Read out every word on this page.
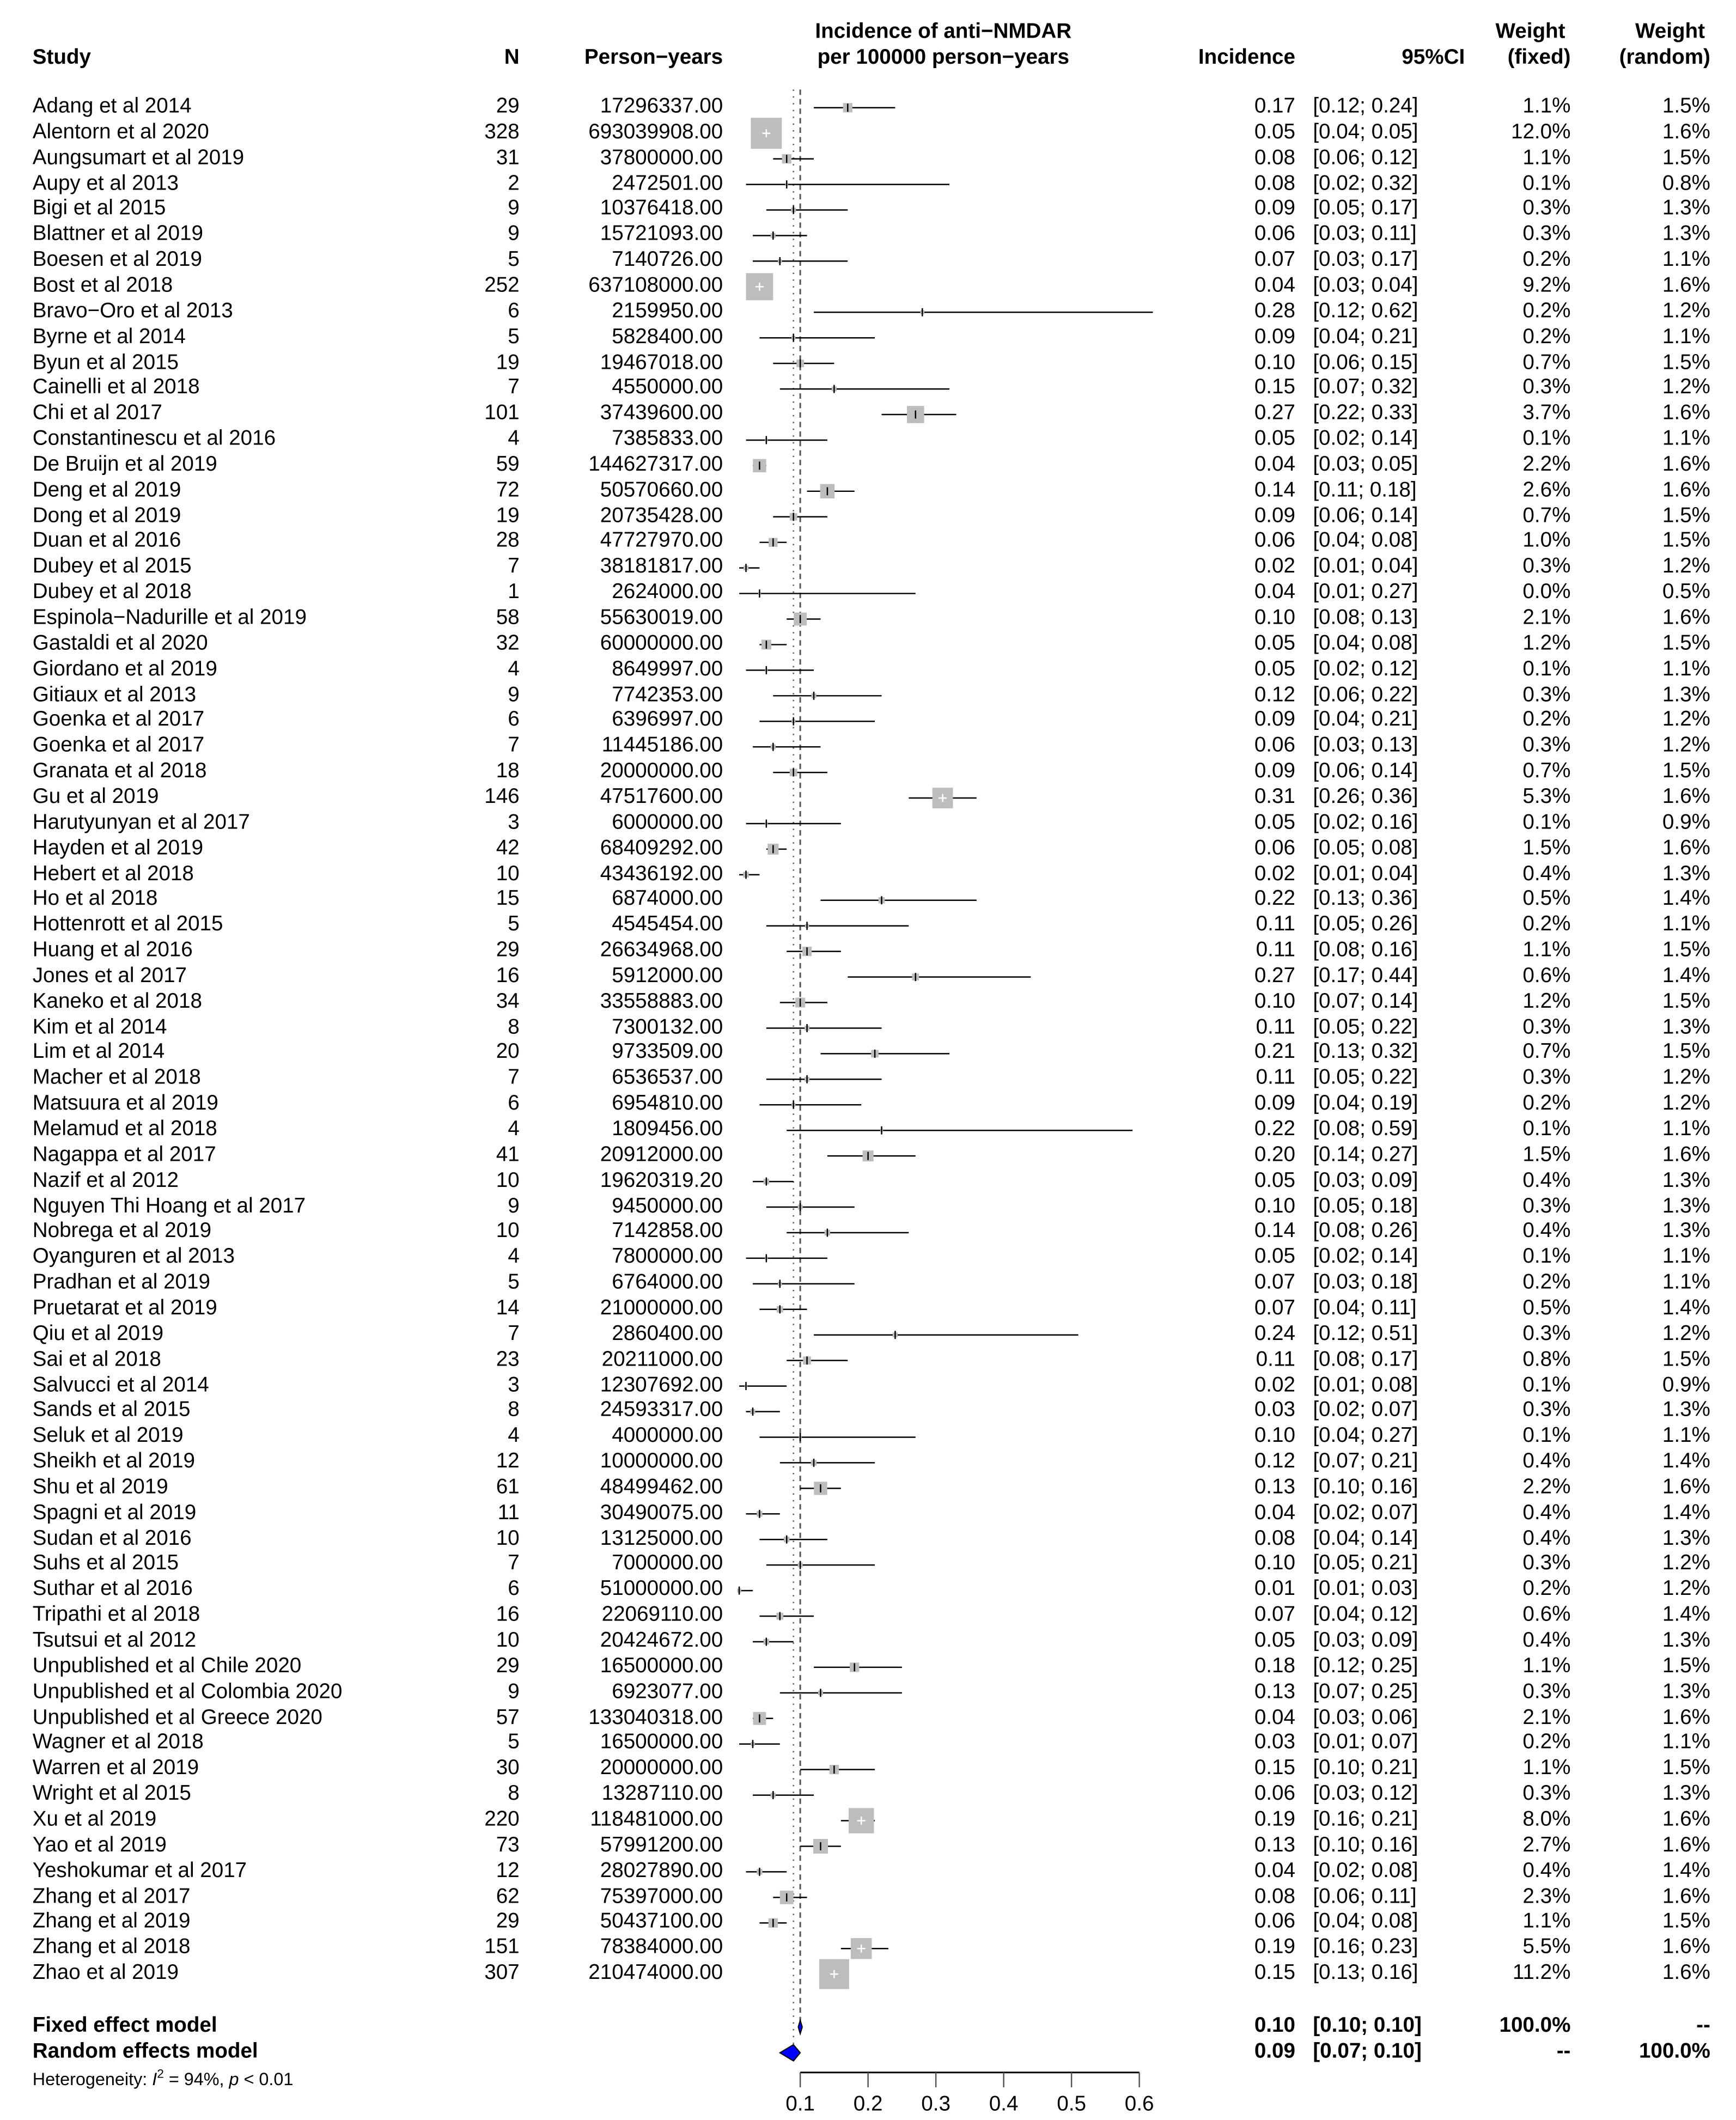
Study	N	Person−years
Incidence of anti−NMDAR
per 100000 person−years	Incidence	95%CI
Weight
(fixed)
Weight
(random)
Adang et al 2014	29	17296337.00	0.17 [0.12; 0.24]	1.1%	1.5%
Alentorn et al 2020	328	693039908.00	0.05 [0.04; 0.05]	12.0%	1.6%
Aungsumart et al 2019	31	37800000.00	0.08 [0.06; 0.12]	1.1%	1.5%
Aupy et al 2013	2	2472501.00	0.08 [0.02; 0.32]	0.1%	0.8%
Bigi et al 2015	9	10376418.00	0.09 [0.05; 0.17]	0.3%	1.3%
Blattner et al 2019	9	15721093.00	0.06 [0.03; 0.11]	0.3%	1.3%
Boesen et al 2019	5	7140726.00	0.07 [0.03; 0.17]	0.2%	1.1%
Bost et al 2018	252	637108000.00	0.04 [0.03; 0.04]	9.2%	1.6%
Bravo−Oro et al 2013	6	2159950.00	0.28 [0.12; 0.62]	0.2%	1.2%
Byrne et al 2014	5	5828400.00	0.09 [0.04; 0.21]	0.2%	1.1%
Byun et al 2015	19	19467018.00	0.10 [0.06; 0.15]	0.7%	1.5%
Cainelli et al 2018	7	4550000.00	0.15 [0.07; 0.32]	0.3%	1.2%
Chi et al 2017	101	37439600.00	0.27 [0.22; 0.33]	3.7%	1.6%
Constantinescu et al 2016	4	7385833.00	0.05 [0.02; 0.14]	0.1%	1.1%
De Bruijn et al 2019	59	144627317.00	0.04 [0.03; 0.05]	2.2%	1.6%
Deng et al 2019	72	50570660.00	0.14 [0.11; 0.18]	2.6%	1.6%
Dong et al 2019	19	20735428.00	0.09 [0.06; 0.14]	0.7%	1.5%
Duan et al 2016	28	47727970.00	0.06 [0.04; 0.08]	1.0%	1.5%
Dubey et al 2015	7	38181817.00	0.02 [0.01; 0.04]	0.3%	1.2%
Dubey et al 2018	1	2624000.00	0.04 [0.01; 0.27]	0.0%	0.5%
Espinola−Nadurille et al 2019	58	55630019.00	0.10 [0.08; 0.13]	2.1%	1.6%
Gastaldi et al 2020	32	60000000.00	0.05 [0.04; 0.08]	1.2%	1.5%
Giordano et al 2019	4	8649997.00	0.05 [0.02; 0.12]	0.1%	1.1%
Gitiaux et al 2013	9	7742353.00	0.12 [0.06; 0.22]	0.3%	1.3%
Goenka et al 2017	6	6396997.00	0.09 [0.04; 0.21]	0.2%	1.2%
Goenka et al 2017	7	11445186.00	0.06 [0.03; 0.13]	0.3%	1.2%
Granata et al 2018	18	20000000.00	0.09 [0.06; 0.14]	0.7%	1.5%
Gu et al 2019	146	47517600.00	0.31 [0.26; 0.36]	5.3%	1.6%
Harutyunyan et al 2017	3	6000000.00	0.05 [0.02; 0.16]	0.1%	0.9%
Hayden et al 2019	42	68409292.00	0.06 [0.05; 0.08]	1.5%	1.6%
Hebert et al 2018	10	43436192.00	0.02 [0.01; 0.04]	0.4%	1.3%
Ho et al 2018	15	6874000.00	0.22 [0.13; 0.36]	0.5%	1.4%
Hottenrott et al 2015	5	4545454.00	0.11 [0.05; 0.26]	0.2%	1.1%
Huang et al 2016	29	26634968.00	0.11 [0.08; 0.16]	1.1%	1.5%
Jones et al 2017	16	5912000.00	0.27 [0.17; 0.44]	0.6%	1.4%
Kaneko et al 2018	34	33558883.00	0.10 [0.07; 0.14]	1.2%	1.5%
Kim et al 2014	8	7300132.00	0.11 [0.05; 0.22]	0.3%	1.3%
Lim et al 2014	20	9733509.00	0.21 [0.13; 0.32]	0.7%	1.5%
Macher et al 2018	7	6536537.00	0.11 [0.05; 0.22]	0.3%	1.2%
Matsuura et al 2019	6	6954810.00	0.09 [0.04; 0.19]	0.2%	1.2%
Melamud et al 2018	4	1809456.00	0.22 [0.08; 0.59]	0.1%	1.1%
Nagappa et al 2017	41	20912000.00	0.20 [0.14; 0.27]	1.5%	1.6%
Nazif et al 2012	10	19620319.20	0.05 [0.03; 0.09]	0.4%	1.3%
Nguyen Thi Hoang et al 2017	9	9450000.00	0.10 [0.05; 0.18]	0.3%	1.3%
Nobrega et al 2019	10	7142858.00	0.14 [0.08; 0.26]	0.4%	1.3%
Oyanguren et al 2013	4	7800000.00	0.05 [0.02; 0.14]	0.1%	1.1%
Pradhan et al 2019	5	6764000.00	0.07 [0.03; 0.18]	0.2%	1.1%
Pruetarat et al 2019	14	21000000.00	0.07 [0.04; 0.11]	0.5%	1.4%
Qiu et al 2019	7	2860400.00	0.24 [0.12; 0.51]	0.3%	1.2%
Sai et al 2018	23	20211000.00	0.11 [0.08; 0.17]	0.8%	1.5%
Salvucci et al 2014	3	12307692.00	0.02 [0.01; 0.08]	0.1%	0.9%
Sands et al 2015	8	24593317.00	0.03 [0.02; 0.07]	0.3%	1.3%
Seluk et al 2019	4	4000000.00	0.10 [0.04; 0.27]	0.1%	1.1%
Sheikh et al 2019	12	10000000.00	0.12 [0.07; 0.21]	0.4%	1.4%
Shu et al 2019	61	48499462.00	0.13 [0.10; 0.16]	2.2%	1.6%
Spagni et al 2019	11	30490075.00	0.04 [0.02; 0.07]	0.4%	1.4%
Sudan et al 2016	10	13125000.00	0.08 [0.04; 0.14]	0.4%	1.3%
Suhs et al 2015	7	7000000.00	0.10 [0.05; 0.21]	0.3%	1.2%
Suthar et al 2016	6	51000000.00	0.01 [0.01; 0.03]	0.2%	1.2%
Tripathi et al 2018	16	22069110.00	0.07 [0.04; 0.12]	0.6%	1.4%
Tsutsui et al 2012	10	20424672.00	0.05 [0.03; 0.09]	0.4%	1.3%
Unpublished et al Chile 2020	29	16500000.00	0.18 [0.12; 0.25]	1.1%	1.5%
Unpublished et al Colombia 2020	9	6923077.00	0.13 [0.07; 0.25]	0.3%	1.3%
Unpublished et al Greece 2020	57	133040318.00	0.04 [0.03; 0.06]	2.1%	1.6%
Wagner et al 2018	5	16500000.00	0.03 [0.01; 0.07]	0.2%	1.1%
Warren et al 2019	30	20000000.00	0.15 [0.10; 0.21]	1.1%	1.5%
Wright et al 2015	8	13287110.00	0.06 [0.03; 0.12]	0.3%	1.3%
Xu et al 2019	220	118481000.00	0.19 [0.16; 0.21]	8.0%	1.6%
Yao et al 2019	73	57991200.00	0.13 [0.10; 0.16]	2.7%	1.6%
Yeshokumar et al 2017	12	28027890.00	0.04 [0.02; 0.08]	0.4%	1.4%
Zhang et al 2017	62	75397000.00	0.08 [0.06; 0.11]	2.3%	1.6%
Zhang et al 2019	29	50437100.00	0.06 [0.04; 0.08]	1.1%	1.5%
Zhang et al 2018	151	78384000.00	0.19 [0.16; 0.23]	5.5%	1.6%
Zhao et al 2019	307	210474000.00	0.15 [0.13; 0.16]	11.2%	1.6%
Fixed effect model	0.10 [0.10; 0.10]	100.0%	--
Random effects model	0.09 [0.07; 0.10]	--	100.0%
Heterogeneity: $I^2 = 94\%$, p < 0.01
0.1	0.2	0.3	0.4	0.5	0.6
